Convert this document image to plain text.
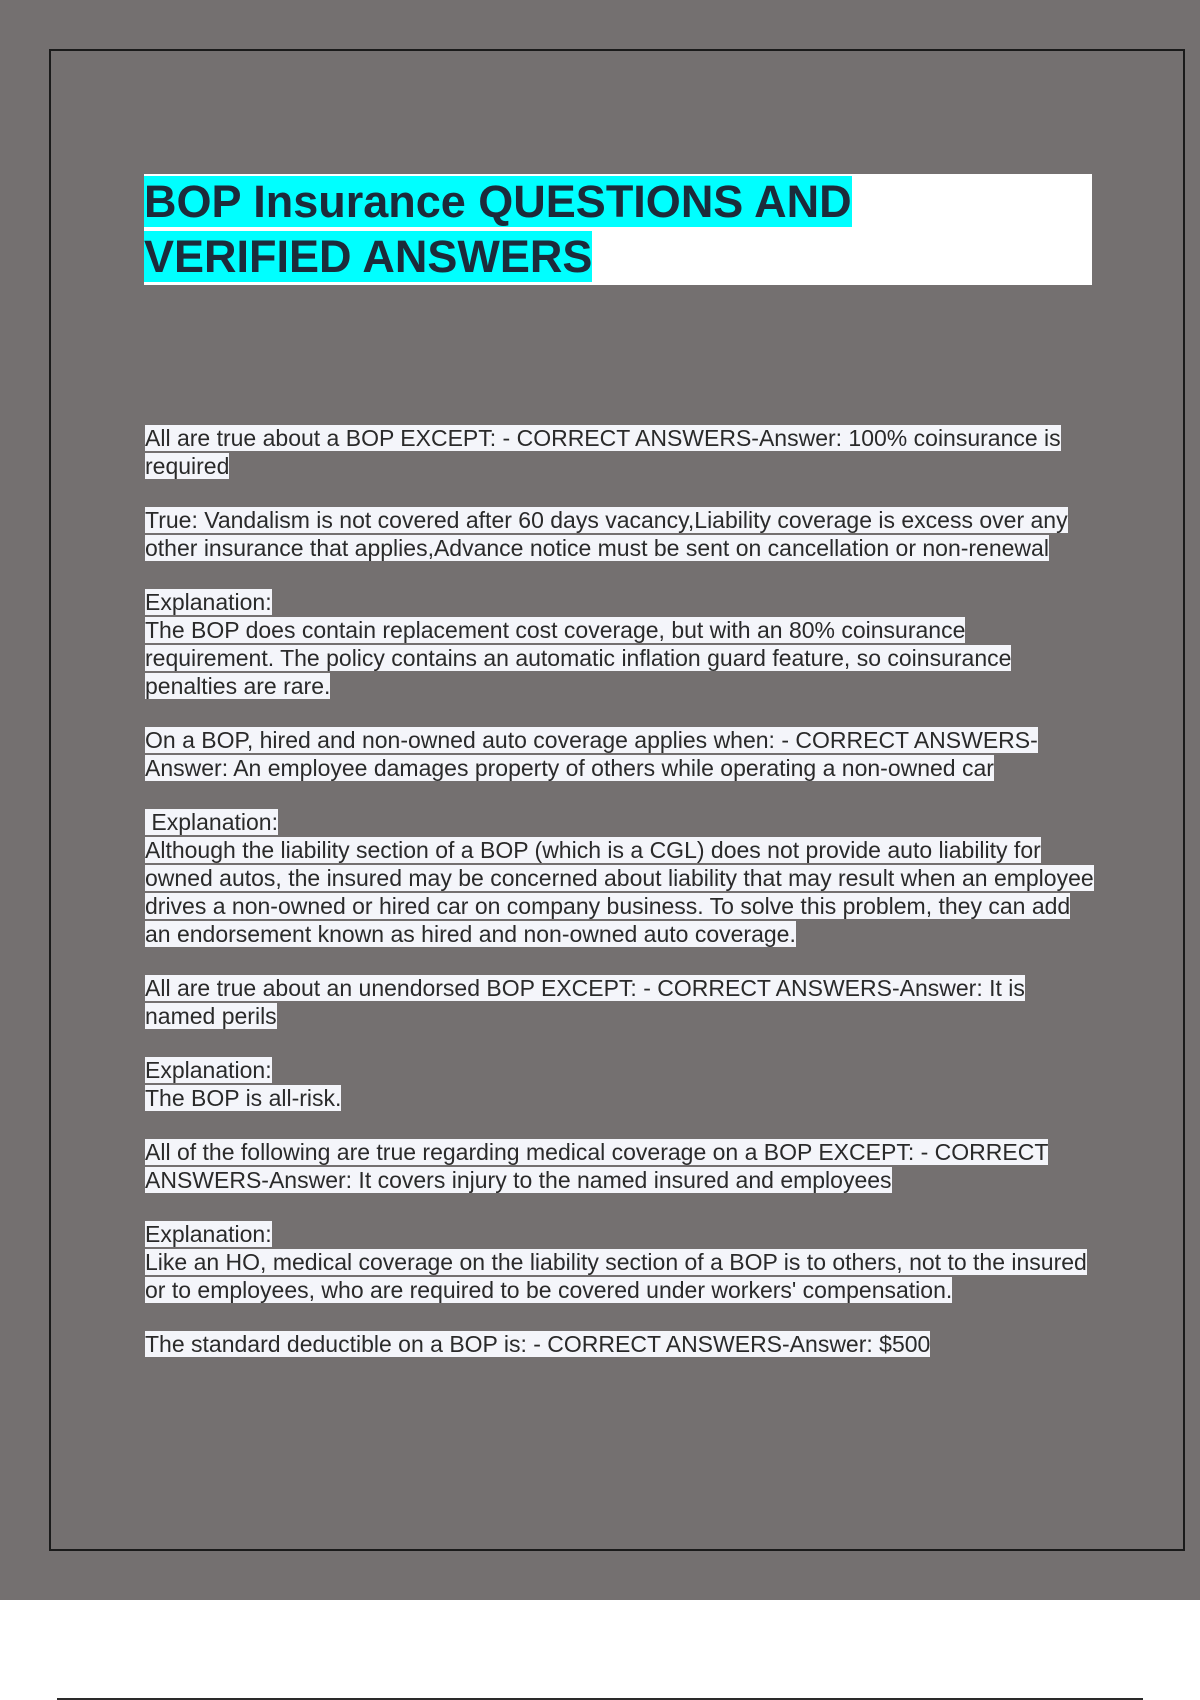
BOP Insurance QUESTIONS AND
VERIFIED ANSWERS

All are true about a BOP EXCEPT: - CORRECT ANSWERS-Answer: 100% coinsurance is required

True: Vandalism is not covered after 60 days vacancy,Liability coverage is excess over any other insurance that applies,Advance notice must be sent on cancellation or non-renewal

Explanation:

The BOP does contain replacement cost coverage, but with an 80% coinsurance requirement. The policy contains an automatic inflation guard feature, so coinsurance penalties are rare.

On a BOP, hired and non-owned auto coverage applies when: - CORRECT ANSWERS-Answer: An employee damages property of others while operating a non-owned car

Explanation:

Although the liability section of a BOP (which is a CGL) does not provide auto liability for owned autos, the insured may be concerned about liability that may result when an employee drives a non-owned or hired car on company business. To solve this problem, they can add an endorsement known as hired and non-owned auto coverage.

All are true about an unendorsed BOP EXCEPT: - CORRECT ANSWERS-Answer: It is named perils

Explanation:

The BOP is all-risk.

All of the following are true regarding medical coverage on a BOP EXCEPT: - CORRECT ANSWERS-Answer: It covers injury to the named insured and employees

Explanation:

Like an HO, medical coverage on the liability section of a BOP is to others, not to the insured or to employees, who are required to be covered under workers' compensation.

The standard deductible on a BOP is: - CORRECT ANSWERS-Answer: $500
